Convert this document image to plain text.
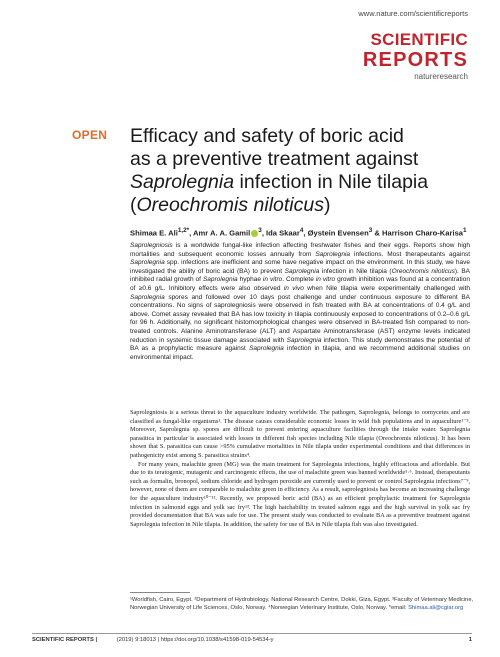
www.nature.com/scientificreports
SCIENTIFIC
REPORTS
natureresearch
OPEN Efficacy and safety of boric acid
as a preventive treatment against
Saprolegnia infection in Nile tilapia
(Oreochromis niloticus)
Shimaa E. Ali$^{1,2*}$, Amr A. A. Gamil $^3$, Ida Skaar$^4$, Øystein Evensen$^3$ & Harrison Charo-Karisa$^1$
Saprolegniosis is a worldwide fungal-like infection affecting freshwater fishes and their eggs. Reports show high mortalities and subsequent economic losses annually from Saprolegnia infections. Most therapeutants against Saprolegnia spp. infections are inefficient and some have negative impact on the environment. In this study, we have investigated the ability of boric acid (BA) to prevent Saprolegnia infection in Nile tilapia (Oreochromis niloticus). BA inhibited radial growth of Saprolegnia hyphae in vitro. Complete in vitro growth inhibition was found at a concentration of ≥0.6 g/L. Inhibitory effects were also observed in vivo when Nile tilapia were experimentally challenged with Saprolegnia spores and followed over 10 days post challenge and under continuous exposure to different BA concentrations. No signs of saprolegniosis were observed in fish treated with BA at concentrations of 0.4 g/L and above. Comet assay revealed that BA has low toxicity in tilapia continuously exposed to concentrations of 0.2–0.6 g/L for 96 h. Additionally, no significant histomorphological changes were observed in BA-treated fish compared to non-treated controls. Alanine Aminotransferase (ALT) and Aspartate Aminotransferase (AST) enzyme levels indicated reduction in systemic tissue damage associated with Saprolegnia infection. This study demonstrates the potential of BA as a prophylactic measure against Saprolegnia infection in tilapia, and we recommend additional studies on environmental impact.

Saprolegniosis is a serious threat to the aquaculture industry worldwide. The pathogen, Saprolegnia, belongs to oomycetes and are classified as fungal-like organisms¹. The disease causes considerable economic losses in wild fish populations and in aquaculture¹⁻³. Moreover, Saprolegnia sp. spores are difficult to prevent entering aquaculture facilities through the intake water. Saprolegnia parasitica in particular is associated with losses in different fish species including Nile tilapia (Oreochromis niloticus). It has been shown that S. parasitica can cause >95% cumulative mortalities in Nile tilapia under experimental conditions and that differences in pathogenicity exist among S. parasitica strains⁴.

For many years, malachite green (MG) was the main treatment for Saprolegnia infections, highly efficacious and affordable. But due to its teratogenic, mutagenic and carcinogenic effects, the use of malachite green was banned worldwide⁵·⁶. Instead, therapeutants such as formalin, bronopol, sodium chloride and hydrogen peroxide are currently used to prevent or control Saprolegnia infections⁷⁻⁹, however, none of them are comparable to malachite green in efficiency. As a result, saprolegniosis has become an increasing challenge for the aquaculture industry¹⁰⁻¹². Recently, we proposed boric acid (BA) as an efficient prophylactic treatment for Saprolegnia infection in salmonid eggs and yolk sac fry¹³. The high hatchability in treated salmon eggs and the high survival in yolk sac fry provided documentation that BA was safe for use. The present study was conducted to evaluate BA as a preventive treatment against Saprolegnia infection in Nile tilapia. In addition, the safety for use of BA in Nile tilapia fish was also investigated.

¹Worldfish, Cairo, Egypt. ²Department of Hydrobiology, National Research Centre, Dokki, Giza, Egypt. ³Faculty of Veterinary Medicine, Norwegian University of Life Sciences, Oslo, Norway. ⁴Norwegian Veterinary Institute, Oslo, Norway. *email: Shimaa.ali@cgiar.org
SCIENTIFIC REPORTS |	(2019) 9:18013 | https://doi.org/10.1038/s41598-019-54534-y	1
